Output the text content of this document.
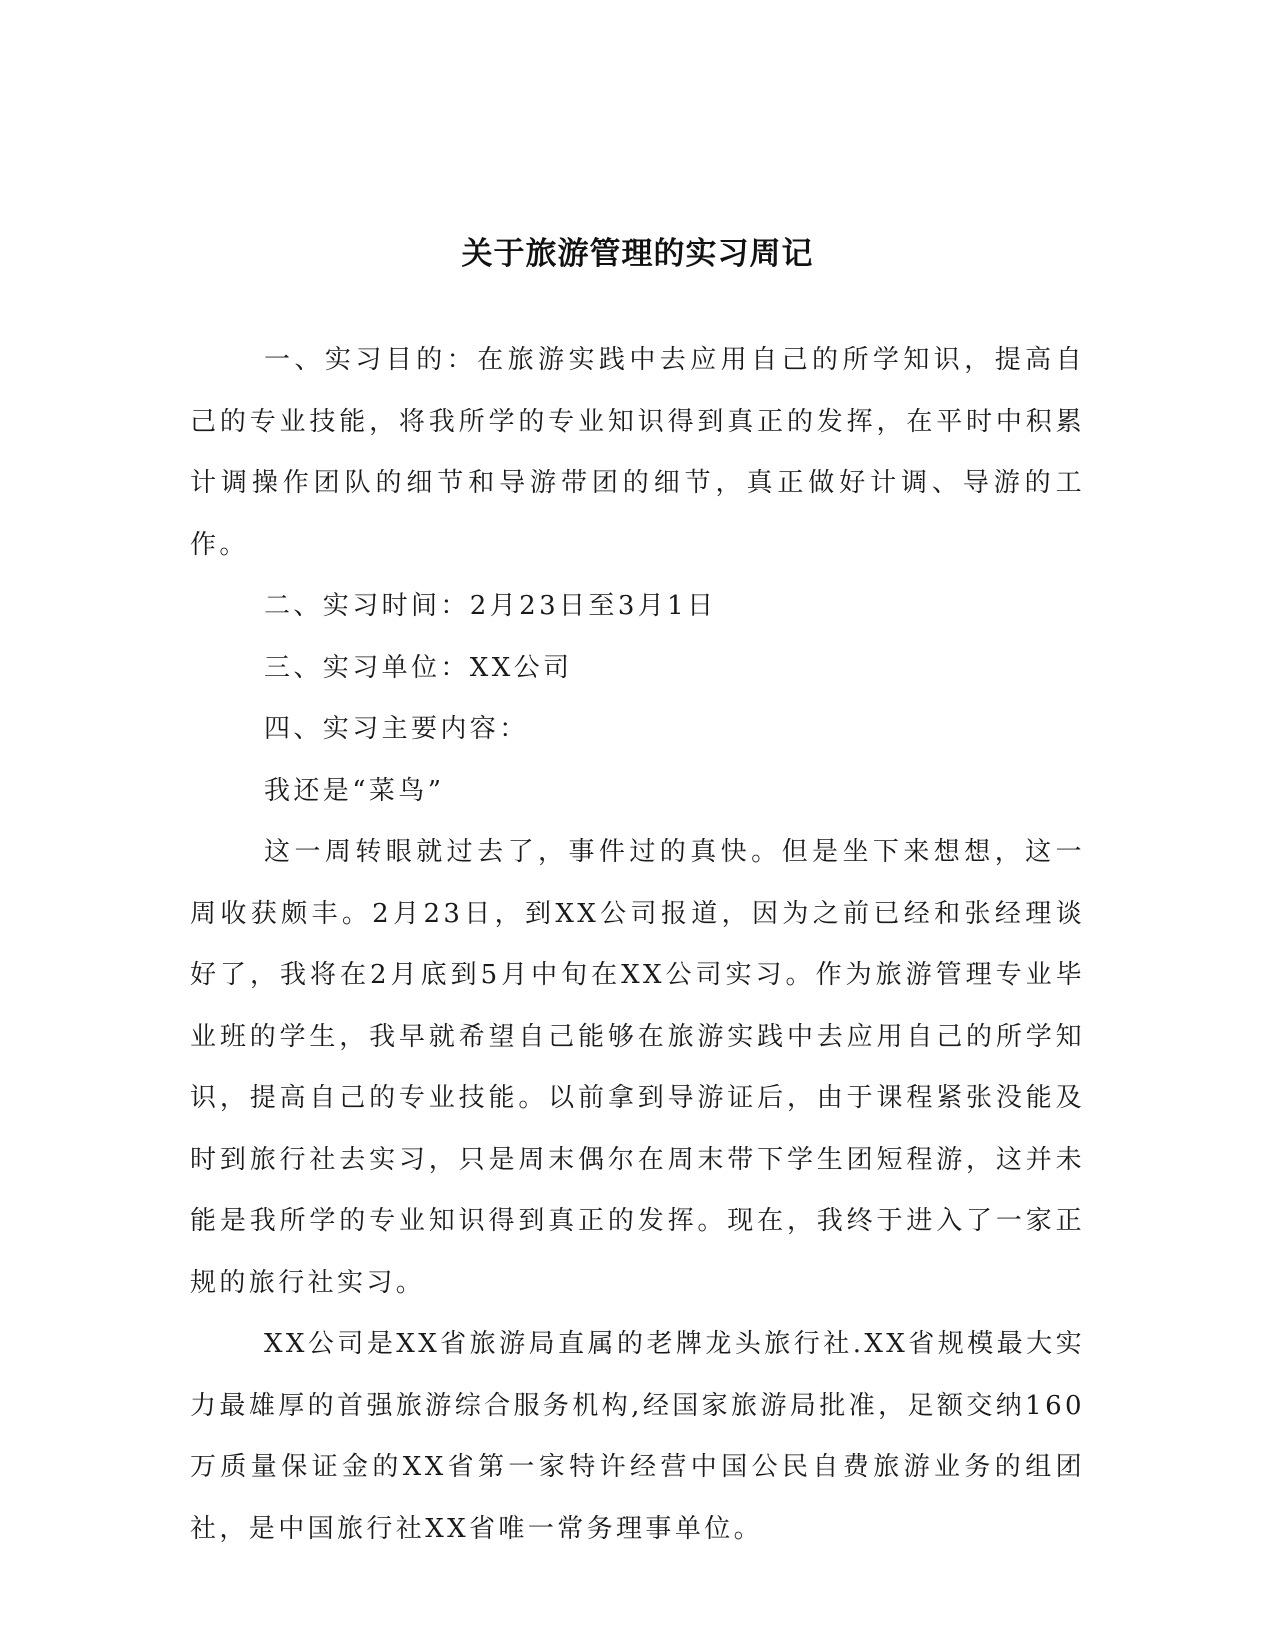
关于旅游管理的实习周记

一、实习目的：在旅游实践中去应用自己的所学知识，提高自己的专业技能，将我所学的专业知识得到真正的发挥，在平时中积累计调操作团队的细节和导游带团的细节，真正做好计调、导游的工作。

二、实习时间：2月23日至3月1日

三、实习单位：XX公司

四、实习主要内容：

我还是“菜鸟”

这一周转眼就过去了，事件过的真快。但是坐下来想想，这一周收获颇丰。2月23日，到XX公司报道，因为之前已经和张经理谈好了，我将在2月底到5月中旬在XX公司实习。作为旅游管理专业毕业班的学生，我早就希望自己能够在旅游实践中去应用自己的所学知识，提高自己的专业技能。以前拿到导游证后，由于课程紧张没能及时到旅行社去实习，只是周末偶尔在周末带下学生团短程游，这并未能是我所学的专业知识得到真正的发挥。现在，我终于进入了一家正规的旅行社实习。

XX公司是XX省旅游局直属的老牌龙头旅行社.XX省规模最大实力最雄厚的首强旅游综合服务机构,经国家旅游局批准，足额交纳160万质量保证金的XX省第一家特许经营中国公民自费旅游业务的组团社，是中国旅行社XX省唯一常务理事单位。
